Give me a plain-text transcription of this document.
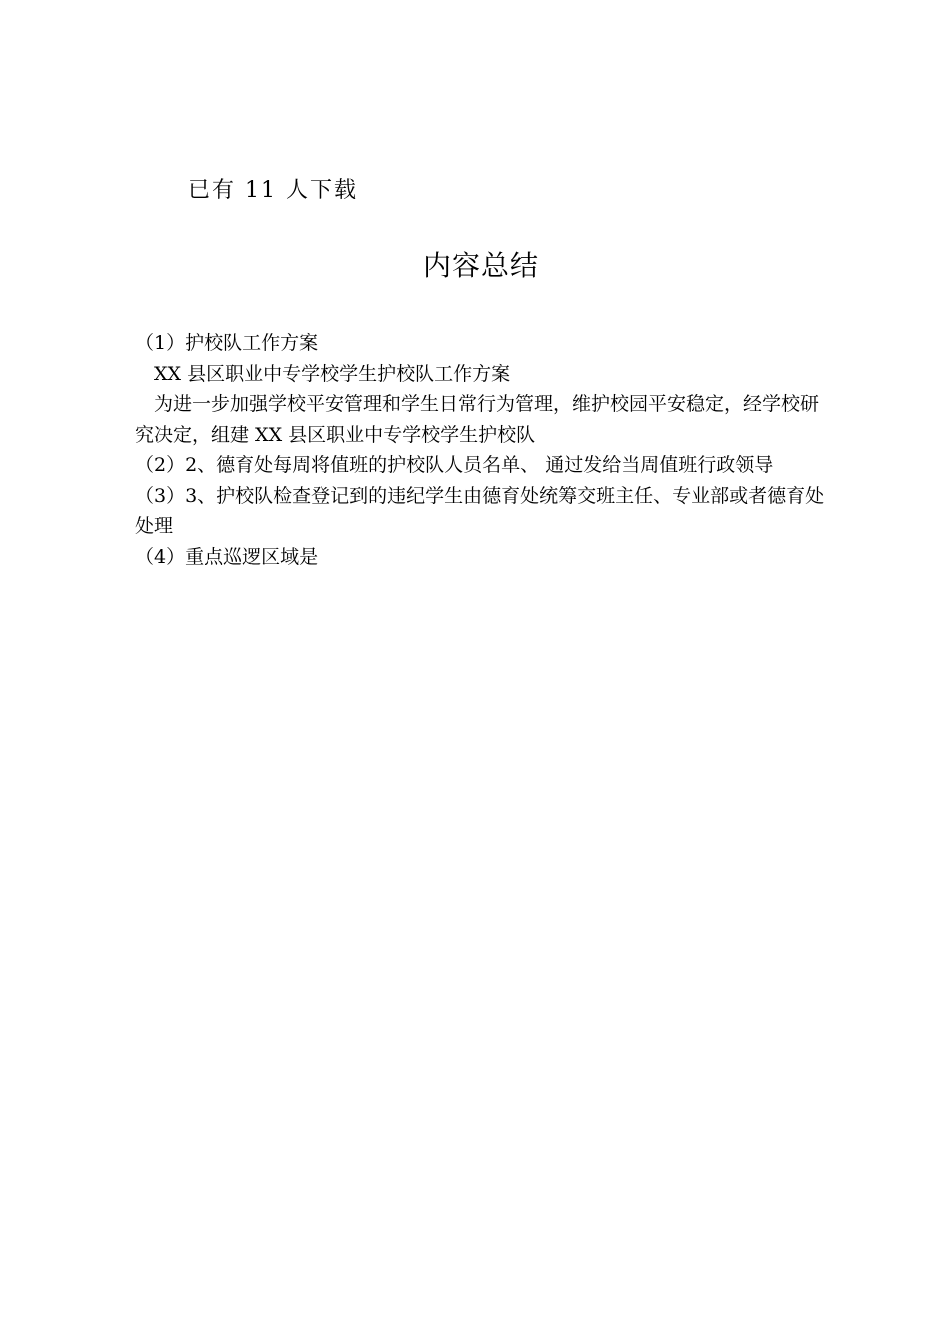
已有 11 人下载
内容总结

（1）护校队工作方案

XX 县区职业中专学校学生护校队工作方案

为进一步加强学校平安管理和学生日常行为管理，维护校园平安稳定，经学校研究决定，组建 XX 县区职业中专学校学生护校队

（2）2、德育处每周将值班的护校队人员名单、 通过发给当周值班行政领导

（3）3、护校队检查登记到的违纪学生由德育处统筹交班主任、专业部或者德育处处理

（4）重点巡逻区域是
